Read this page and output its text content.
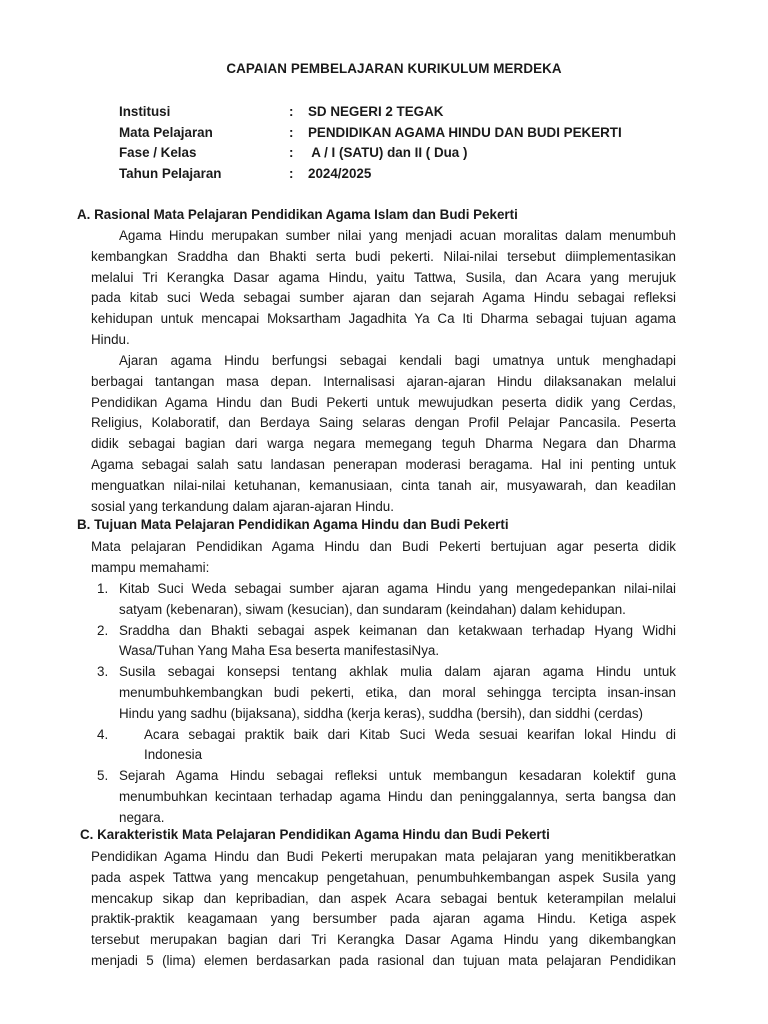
CAPAIAN PEMBELAJARAN KURIKULUM MERDEKA
Institusi	:	SD NEGERI 2 TEGAK
Mata Pelajaran	:	PENDIDIKAN AGAMA HINDU DAN BUDI PEKERTI
Fase / Kelas	:	A / I (SATU) dan II ( Dua )
Tahun Pelajaran	:	2024/2025
A. Rasional Mata Pelajaran Pendidikan Agama Islam dan Budi Pekerti
Agama Hindu merupakan sumber nilai yang menjadi acuan moralitas dalam menumbuh
kembangkan Sraddha dan Bhakti serta budi pekerti. Nilai-nilai tersebut diimplementasikan
melalui Tri Kerangka Dasar agama Hindu, yaitu Tattwa, Susila, dan Acara yang merujuk
pada kitab suci Weda sebagai sumber ajaran dan sejarah Agama Hindu sebagai refleksi
kehidupan untuk mencapai Moksartham Jagadhita Ya Ca Iti Dharma sebagai tujuan agama
Hindu.
Ajaran agama Hindu berfungsi sebagai kendali bagi umatnya untuk menghadapi
berbagai tantangan masa depan. Internalisasi ajaran-ajaran Hindu dilaksanakan melalui
Pendidikan Agama Hindu dan Budi Pekerti untuk mewujudkan peserta didik yang Cerdas,
Religius, Kolaboratif, dan Berdaya Saing selaras dengan Profil Pelajar Pancasila. Peserta
didik sebagai bagian dari warga negara memegang teguh Dharma Negara dan Dharma
Agama sebagai salah satu landasan penerapan moderasi beragama. Hal ini penting untuk
menguatkan nilai-nilai ketuhanan, kemanusiaan, cinta tanah air, musyawarah, dan keadilan
sosial yang terkandung dalam ajaran-ajaran Hindu.
B. Tujuan Mata Pelajaran Pendidikan Agama Hindu dan Budi Pekerti
Mata pelajaran Pendidikan Agama Hindu dan Budi Pekerti bertujuan agar peserta didik
mampu memahami:
1. Kitab Suci Weda sebagai sumber ajaran agama Hindu yang mengedepankan nilai-nilai
satyam (kebenaran), siwam (kesucian), dan sundaram (keindahan) dalam kehidupan.
2. Sraddha dan Bhakti sebagai aspek keimanan dan ketakwaan terhadap Hyang Widhi
Wasa/Tuhan Yang Maha Esa beserta manifestasiNya.
3. Susila sebagai konsepsi tentang akhlak mulia dalam ajaran agama Hindu untuk
menumbuhkembangkan budi pekerti, etika, dan moral sehingga tercipta insan-insan
Hindu yang sadhu (bijaksana), siddha (kerja keras), suddha (bersih), dan siddhi (cerdas)
4.	Acara sebagai praktik baik dari Kitab Suci Weda sesuai kearifan lokal Hindu di
Indonesia
5. Sejarah Agama Hindu sebagai refleksi untuk membangun kesadaran kolektif guna
menumbuhkan kecintaan terhadap agama Hindu dan peninggalannya, serta bangsa dan
negara.
C. Karakteristik Mata Pelajaran Pendidikan Agama Hindu dan Budi Pekerti
Pendidikan Agama Hindu dan Budi Pekerti merupakan mata pelajaran yang menitikberatkan
pada aspek Tattwa yang mencakup pengetahuan, penumbuhkembangan aspek Susila yang
mencakup sikap dan kepribadian, dan aspek Acara sebagai bentuk keterampilan melalui
praktik-praktik keagamaan yang bersumber pada ajaran agama Hindu. Ketiga aspek
tersebut merupakan bagian dari Tri Kerangka Dasar Agama Hindu yang dikembangkan
menjadi 5 (lima) elemen berdasarkan pada rasional dan tujuan mata pelajaran Pendidikan
